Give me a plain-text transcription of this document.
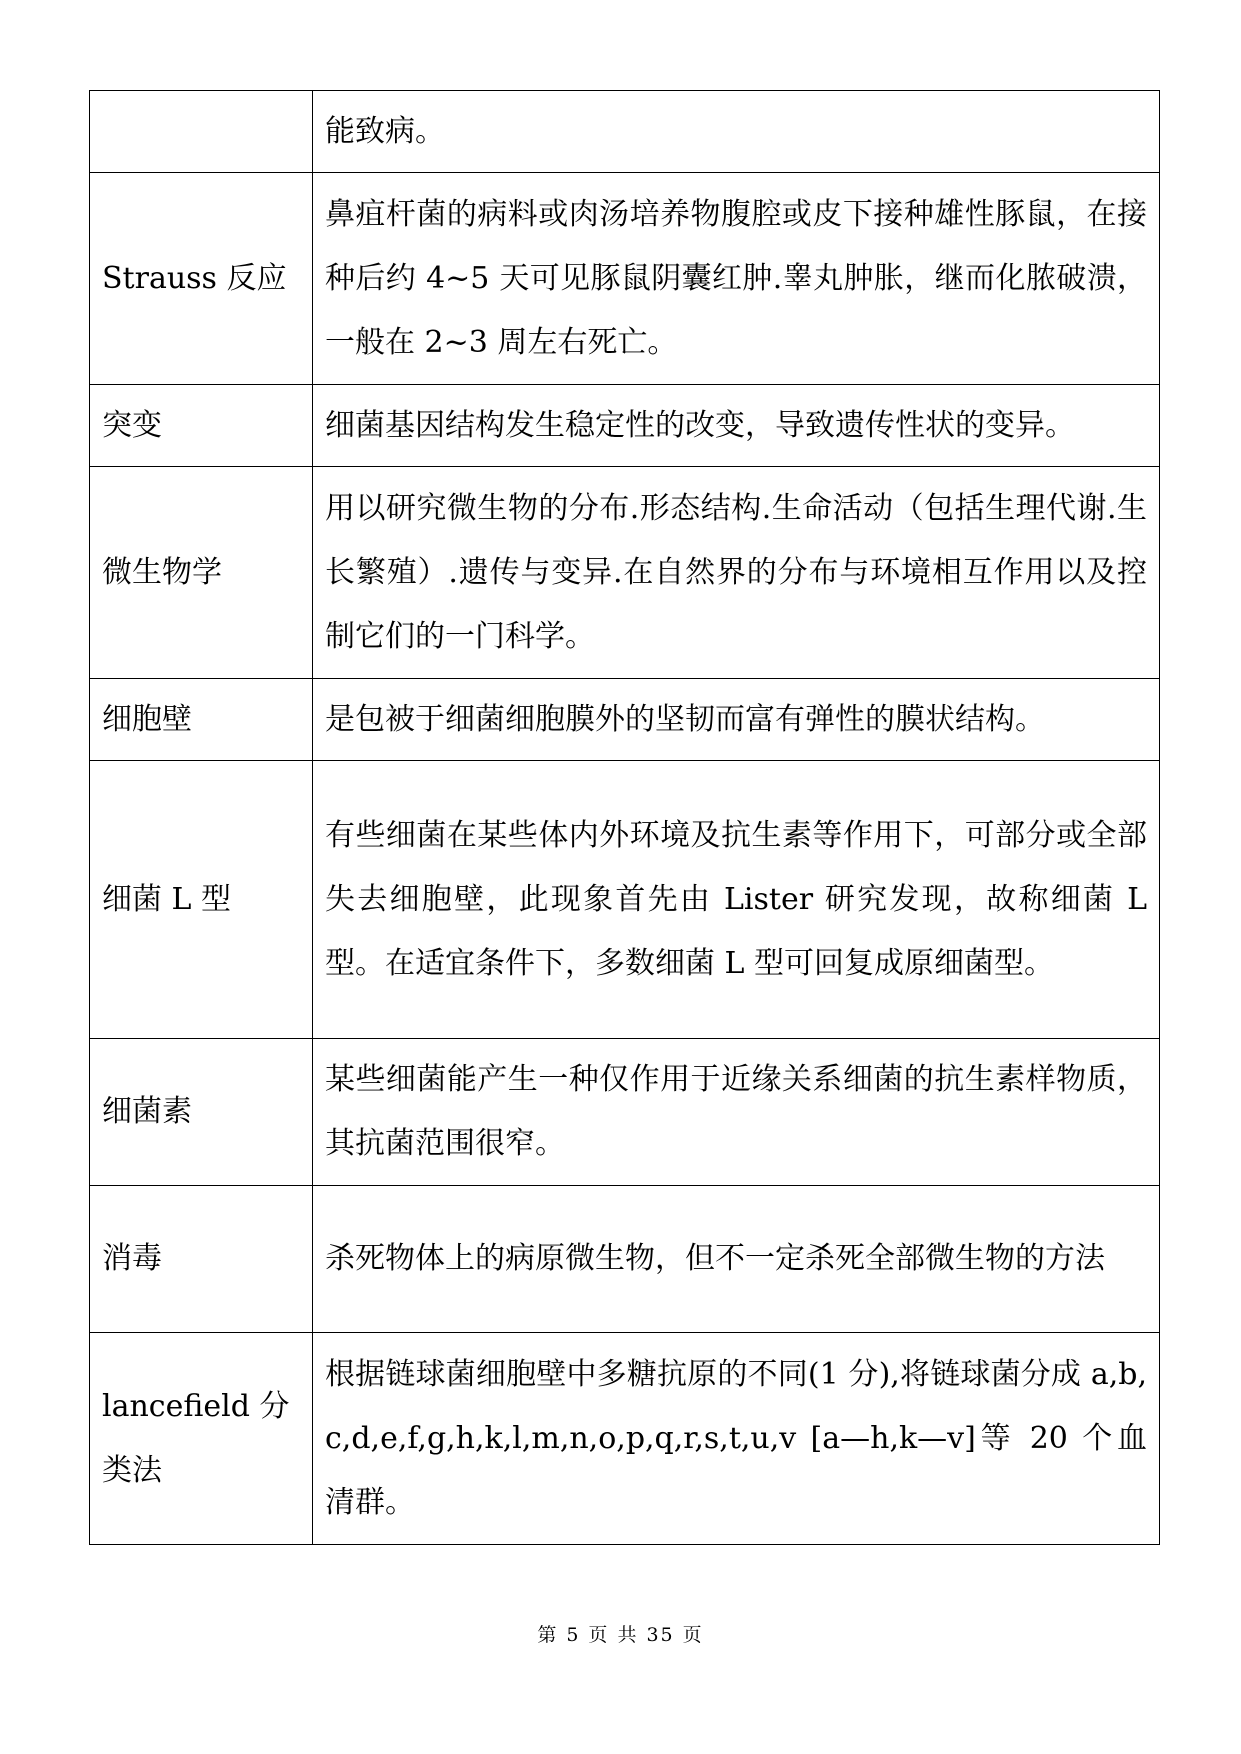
	能致病。
Strauss 反应	鼻疽杆菌的病料或肉汤培养物腹腔或皮下接种雄性豚鼠，在接种后约 4~5 天可见豚鼠阴囊红肿.睾丸肿胀，继而化脓破溃，一般在 2~3 周左右死亡。
突变	细菌基因结构发生稳定性的改变，导致遗传性状的变异。
微生物学	用以研究微生物的分布.形态结构.生命活动（包括生理代谢.生长繁殖）.遗传与变异.在自然界的分布与环境相互作用以及控制它们的一门科学。
细胞壁	是包被于细菌细胞膜外的坚韧而富有弹性的膜状结构。
细菌 L 型	有些细菌在某些体内外环境及抗生素等作用下，可部分或全部失去细胞壁，此现象首先由 Lister 研究发现，故称细菌 L 型。在适宜条件下，多数细菌 L 型可回复成原细菌型。
细菌素	某些细菌能产生一种仅作用于近缘关系细菌的抗生素样物质，其抗菌范围很窄。
消毒	杀死物体上的病原微生物，但不一定杀死全部微生物的方法
lancefield 分类法	根据链球菌细胞壁中多糖抗原的不同(1 分),将链球菌分成 a,b,c,d,e,f,g,h,k,l,m,n,o,p,q,r,s,t,u,v [a—h,k—v]等 20 个血清群。
第 5 页 共 35 页
